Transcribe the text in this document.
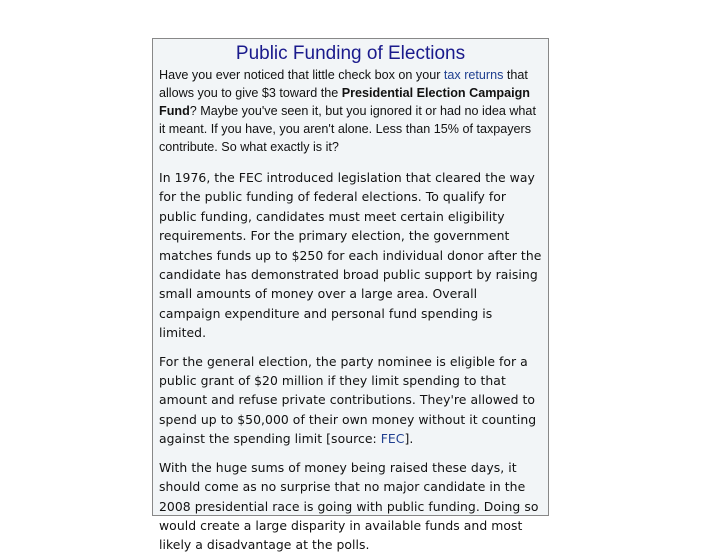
Public Funding of Elections

Have you ever noticed that little check box on your tax returns that allows you to give $3 toward the Presidential Election Campaign Fund? Maybe you've seen it, but you ignored it or had no idea what it meant. If you have, you aren't alone. Less than 15% of taxpayers contribute. So what exactly is it?

In 1976, the FEC introduced legislation that cleared the way for the public funding of federal elections. To qualify for public funding, candidates must meet certain eligibility requirements. For the primary election, the government matches funds up to $250 for each individual donor after the candidate has demonstrated broad public support by raising small amounts of money over a large area. Overall campaign expenditure and personal fund spending is limited.

For the general election, the party nominee is eligible for a public grant of $20 million if they limit spending to that amount and refuse private contributions. They're allowed to spend up to $50,000 of their own money without it counting against the spending limit [source: FEC].

With the huge sums of money being raised these days, it should come as no surprise that no major candidate in the 2008 presidential race is going with public funding. Doing so would create a large disparity in available funds and most likely a disadvantage at the polls.
